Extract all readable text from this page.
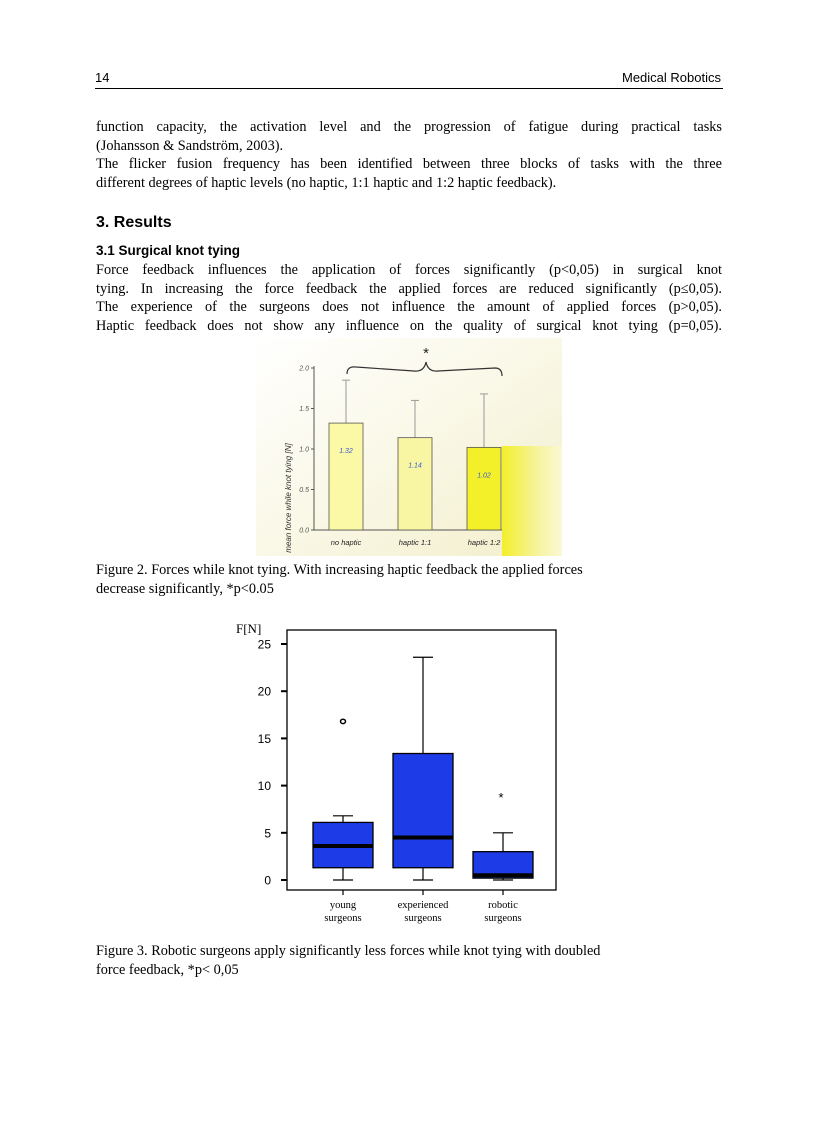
14	Medical Robotics
function capacity, the activation level and the progression of fatigue during practical tasks
(Johansson & Sandström, 2003).
The flicker fusion frequency has been identified between three blocks of tasks with the three
different degrees of haptic levels (no haptic, 1:1 haptic and 1:2 haptic feedback).
3. Results
3.1 Surgical knot tying
Force feedback influences the application of forces significantly (p<0,05) in surgical knot
tying. In increasing the force feedback the applied forces are reduced significantly (p≤0,05).
The experience of the surgeons does not influence the amount of applied forces (p>0,05).
Haptic feedback does not show any influence on the quality of surgical knot tying (p=0,05).
0.0
0.5
1.0
1.5
2.0
1.32
no haptic
1.14
haptic 1:1
1.02
haptic 1:2
mean force while knot tying [N]
*
Figure 2. Forces while knot tying. With increasing haptic feedback the applied forces
decrease significantly, *p<0.05
F[N]
0
5
10
15
20
25
young
surgeons
experienced
surgeons
*
robotic
surgeons
Figure 3. Robotic surgeons apply significantly less forces while knot tying with doubled
force feedback, *p< 0,05
